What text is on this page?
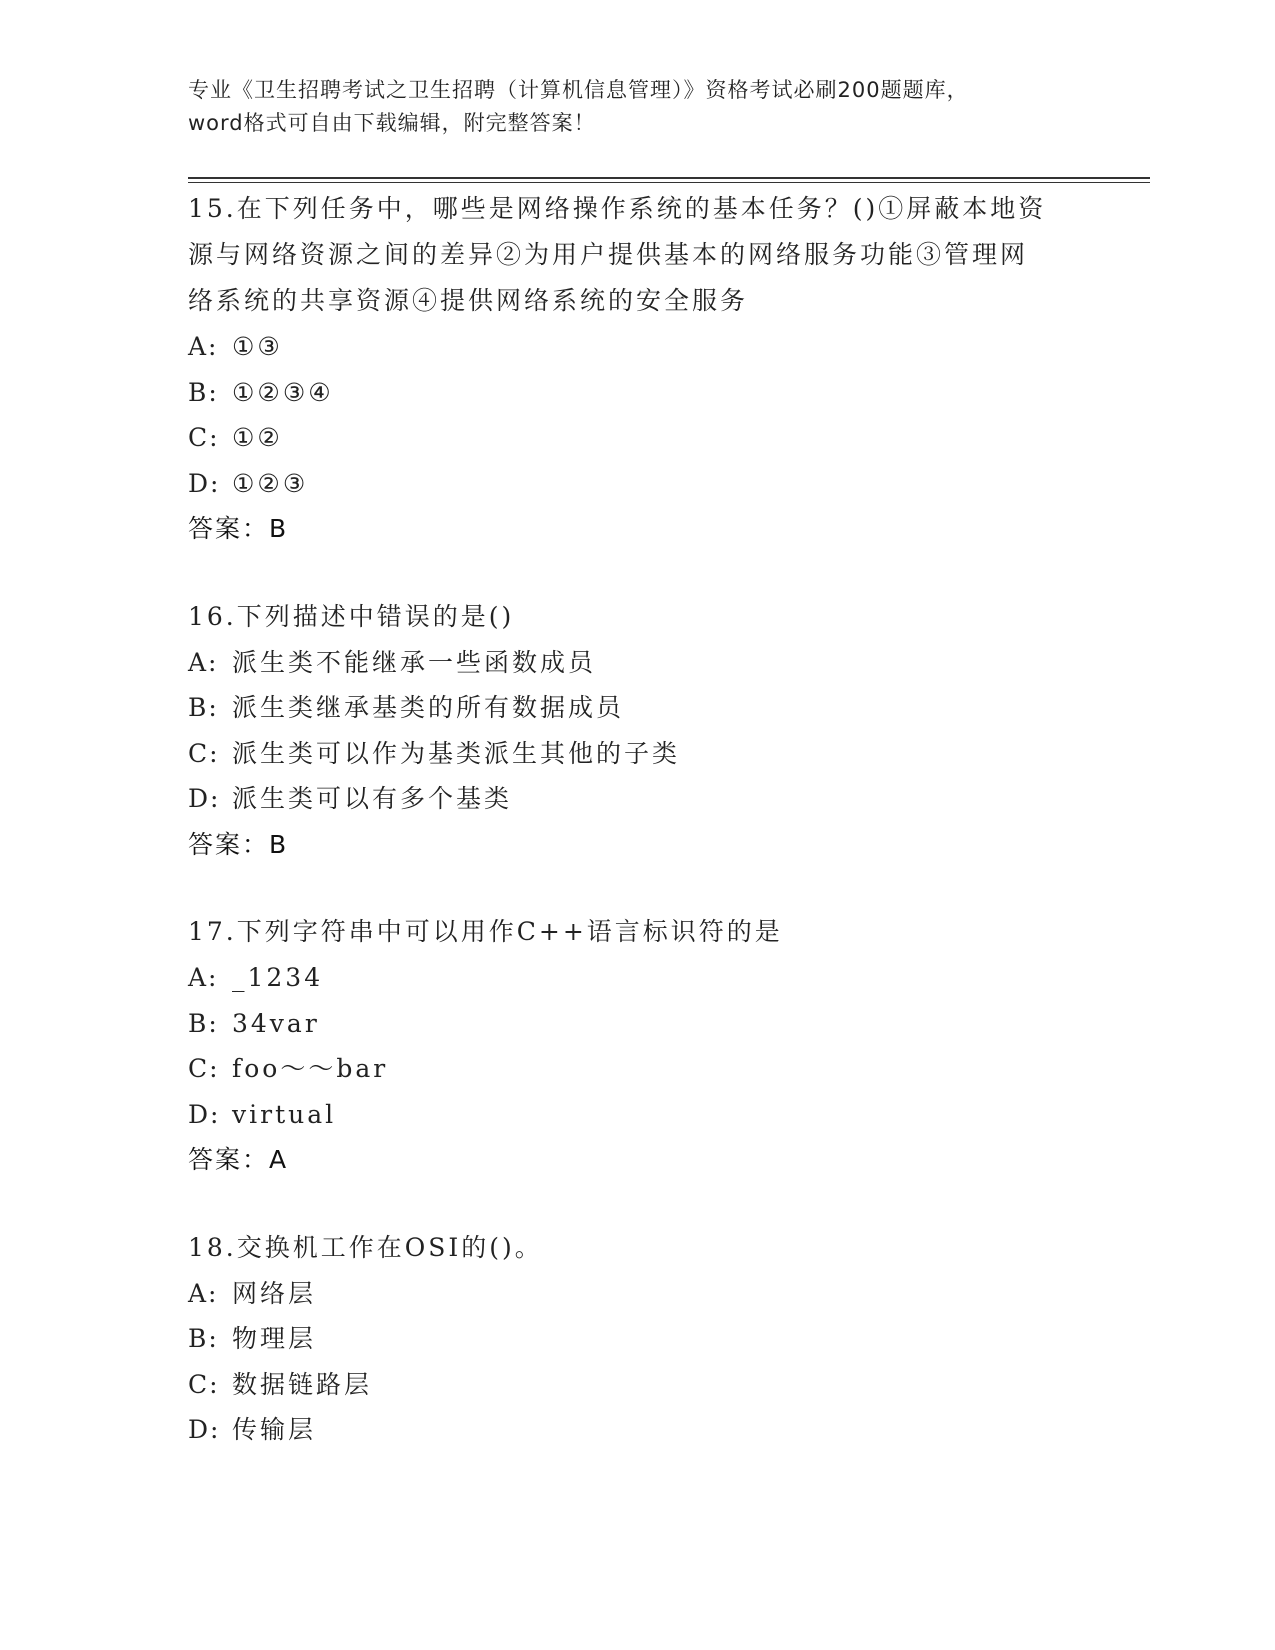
专业《卫生招聘考试之卫生招聘（计算机信息管理）》资格考试必刷200题题库，

word格式可自由下载编辑，附完整答案！

15.在下列任务中，哪些是网络操作系统的基本任务？()①屏蔽本地资

源与网络资源之间的差异②为用户提供基本的网络服务功能③管理网

络系统的共享资源④提供网络系统的安全服务

A: ①③

B: ①②③④

C: ①②

D: ①②③

答案：B

16.下列描述中错误的是()

A: 派生类不能继承一些函数成员

B: 派生类继承基类的所有数据成员

C: 派生类可以作为基类派生其他的子类

D: 派生类可以有多个基类

答案：B

17.下列字符串中可以用作C++语言标识符的是

A: _1234

B: 34var

C: foo～～bar

D: virtual

答案：A

18.交换机工作在OSI的()。

A: 网络层

B: 物理层

C: 数据链路层

D: 传输层
